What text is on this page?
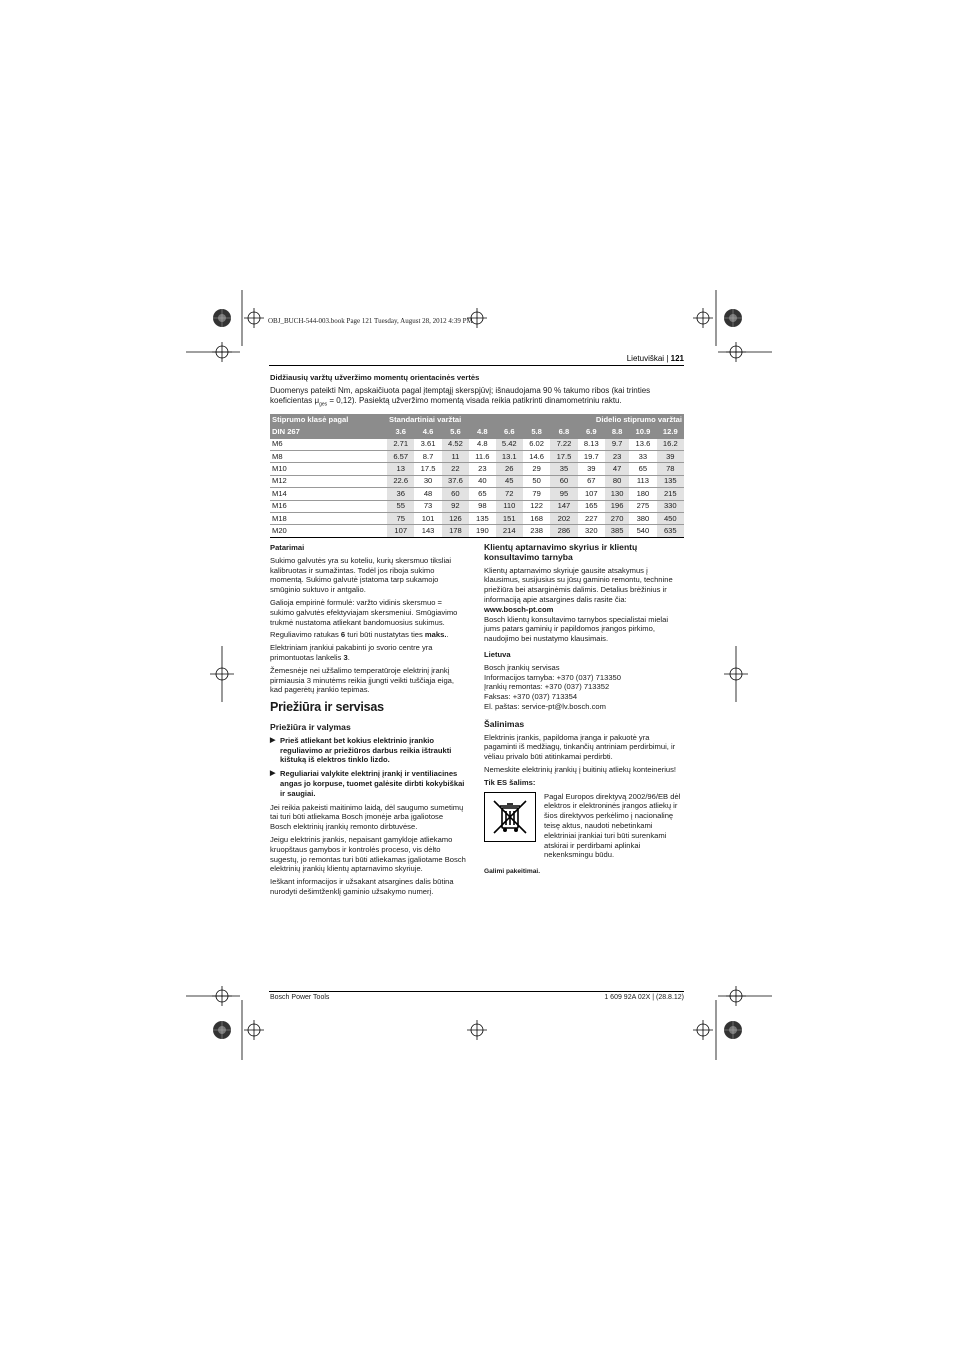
OBJ_BUCH-544-003.book Page 121 Tuesday, August 28, 2012 4:39 PM
Lietuviškai | 121
Didžiausių varžtų užveržimo momentų orientacinės vertės

Duomenys pateikti Nm, apskaičiuota pagal įtemptąjį skerspjūvį; išnaudojama 90 % takumo ribos (kai trinties koeficientas $\mu_{ges} = 0,12$). Pasiektą užveržimo momentą visada reikia patikrinti dinamometriniu raktu.

Stiprumo klasė pagal	Standartiniai varžtai						Didelio stiprumo varžtai				
DIN 267	3.6	4.6	5.6	4.8	6.6	5.8	6.8	6.9	8.8	10.9	12.9
M6	2.71	3.61	4.52	4.8	5.42	6.02	7.22	8.13	9.7	13.6	16.2
M8	6.57	8.7	11	11.6	13.1	14.6	17.5	19.7	23	33	39
M10	13	17.5	22	23	26	29	35	39	47	65	78
M12	22.6	30	37.6	40	45	50	60	67	80	113	135
M14	36	48	60	65	72	79	95	107	130	180	215
M16	55	73	92	98	110	122	147	165	196	275	330
M18	75	101	126	135	151	168	202	227	270	380	450
M20	107	143	178	190	214	238	286	320	385	540	635
Patarimai

Sukimo galvutės yra su koteliu, kurių skersmuo tiksliai kalibruotas ir sumažintas. Todėl jos riboja sukimo momentą. Sukimo galvutė įstatoma tarp sukamojo smūginio suktuvo ir antgalio.

Galioja empirinė formulė: varžto vidinis skersmuo = sukimo galvutės efektyviajam skersmeniui. Smūgiavimo trukmė nustatoma atliekant bandomuosius sukimus.

Reguliavimo ratukas 6 turi būti nustatytas ties maks..

Elektriniam įrankiui pakabinti jo svorio centre yra primontuotas lankelis 3.

Žemesnėje nei užšalimo temperatūroje elektrinį įrankį pirmiausia 3 minutėms reikia įjungti veikti tuščiąja eiga, kad pagerėtų įrankio tepimas.

Priežiūra ir servisas
Priežiūra ir valymas
▶ Prieš atliekant bet kokius elektrinio įrankio reguliavimo ar priežiūros darbus reikia ištraukti kištuką iš elektros tinklo lizdo.
▶ Reguliariai valykite elektrinį įrankį ir ventiliacines angas jo korpuse, tuomet galėsite dirbti kokybiškai ir saugiai.

Jei reikia pakeisti maitinimo laidą, dėl saugumo sumetimų tai turi būti atliekama Bosch įmonėje arba įgaliotose Bosch elektrinių įrankių remonto dirbtuvėse.

Jeigu elektrinis įrankis, nepaisant gamykloje atliekamo kruopštaus gamybos ir kontrolės proceso, vis dėlto sugestų, jo remontas turi būti atliekamas įgaliotame Bosch elektrinių įrankių klientų aptarnavimo skyriuje.

Ieškant informacijos ir užsakant atsargines dalis būtina nurodyti dešimtženklį gaminio užsakymo numerį.

Klientų aptarnavimo skyrius ir klientų konsultavimo tarnyba

Klientų aptarnavimo skyriuje gausite atsakymus į klausimus, susijusius su jūsų gaminio remontu, technine priežiūra bei atsarginėmis dalimis. Detalius brėžinius ir informaciją apie atsargines dalis rasite čia:

www.bosch-pt.com

Bosch klientų konsultavimo tarnybos specialistai mielai jums patars gaminių ir papildomos įrangos pirkimo, naudojimo bei nustatymo klausimais.

Lietuva
Bosch įrankių servisas
Informacijos tarnyba: +370 (037) 713350
Įrankių remontas: +370 (037) 713352
Faksas: +370 (037) 713354
El. paštas: service-pt@lv.bosch.com
Šalinimas

Elektrinis įrankis, papildoma įranga ir pakuotė yra pagaminti iš medžiagų, tinkančių antriniam perdirbimui, ir vėliau privalo būti atitinkamai perdirbti.

Nemeskite elektrinių įrankių į buitinių atliekų konteinerius!

Tik ES šalims:

Pagal Europos direktyvą 2002/96/EB dėl elektros ir elektroninės įrangos atliekų ir šios direktyvos perkėlimo į nacionalinę teisę aktus, naudoti nebetinkami elektriniai įrankiai turi būti surenkami atskirai ir perdirbami aplinkai nekenksmingu būdu.

Galimi pakeitimai.

Bosch Power Tools	1 609 92A 02X | (28.8.12)
